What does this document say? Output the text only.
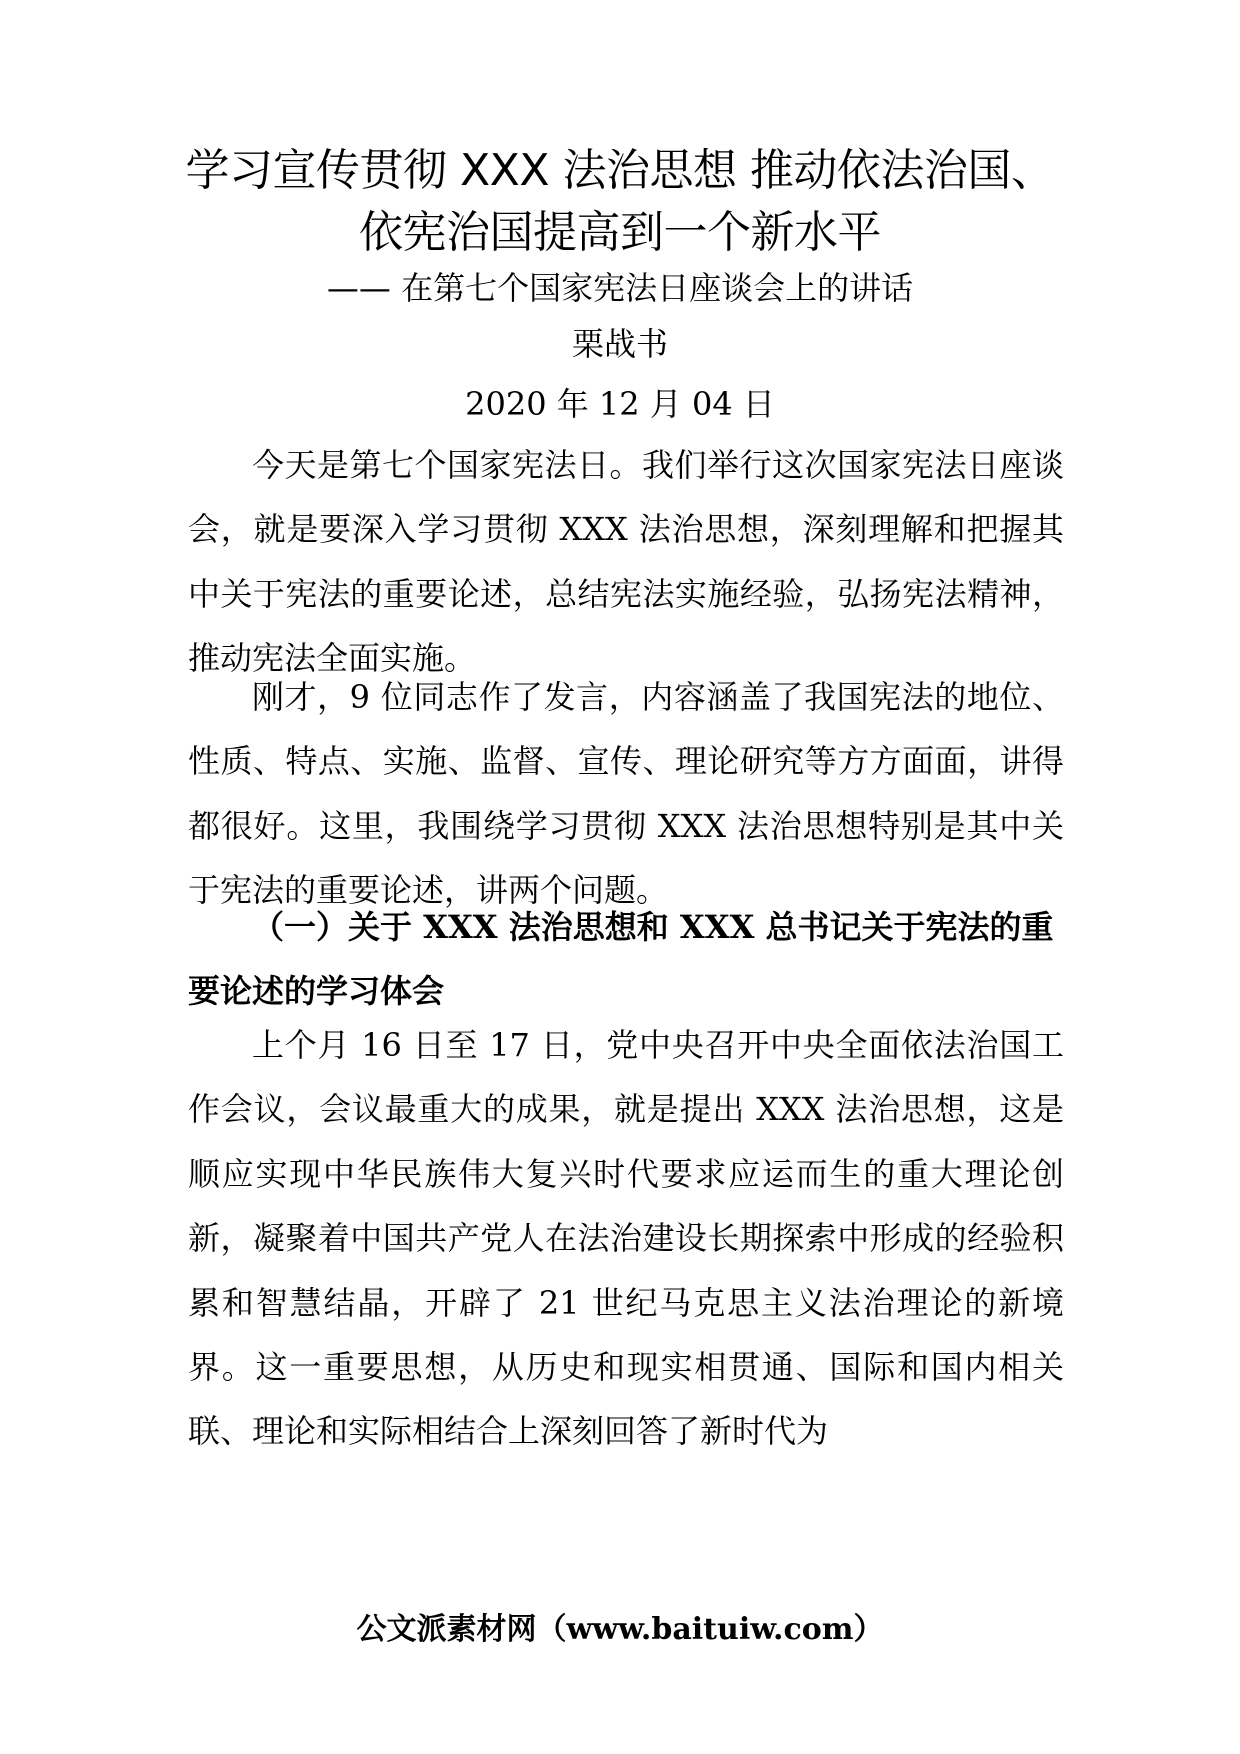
学习宣传贯彻 XXX 法治思想 推动依法治国、
依宪治国提高到一个新水平
—— 在第七个国家宪法日座谈会上的讲话
栗战书
2020 年 12 月 04 日

今天是第七个国家宪法日。我们举行这次国家宪法日座谈会，就是要深入学习贯彻 XXX 法治思想，深刻理解和把握其中关于宪法的重要论述，总结宪法实施经验，弘扬宪法精神，推动宪法全面实施。

刚才，9 位同志作了发言，内容涵盖了我国宪法的地位、性质、特点、实施、监督、宣传、理论研究等方方面面，讲得都很好。这里，我围绕学习贯彻 XXX 法治思想特别是其中关于宪法的重要论述，讲两个问题。

（一）关于 XXX 法治思想和 XXX 总书记关于宪法的重要论述的学习体会

上个月 16 日至 17 日，党中央召开中央全面依法治国工作会议，会议最重大的成果，就是提出 XXX 法治思想，这是顺应实现中华民族伟大复兴时代要求应运而生的重大理论创新，凝聚着中国共产党人在法治建设长期探索中形成的经验积累和智慧结晶，开辟了 21 世纪马克思主义法治理论的新境界。这一重要思想，从历史和现实相贯通、国际和国内相关联、理论和实际相结合上深刻回答了新时代为

公文派素材网（www.baituiw.com）
